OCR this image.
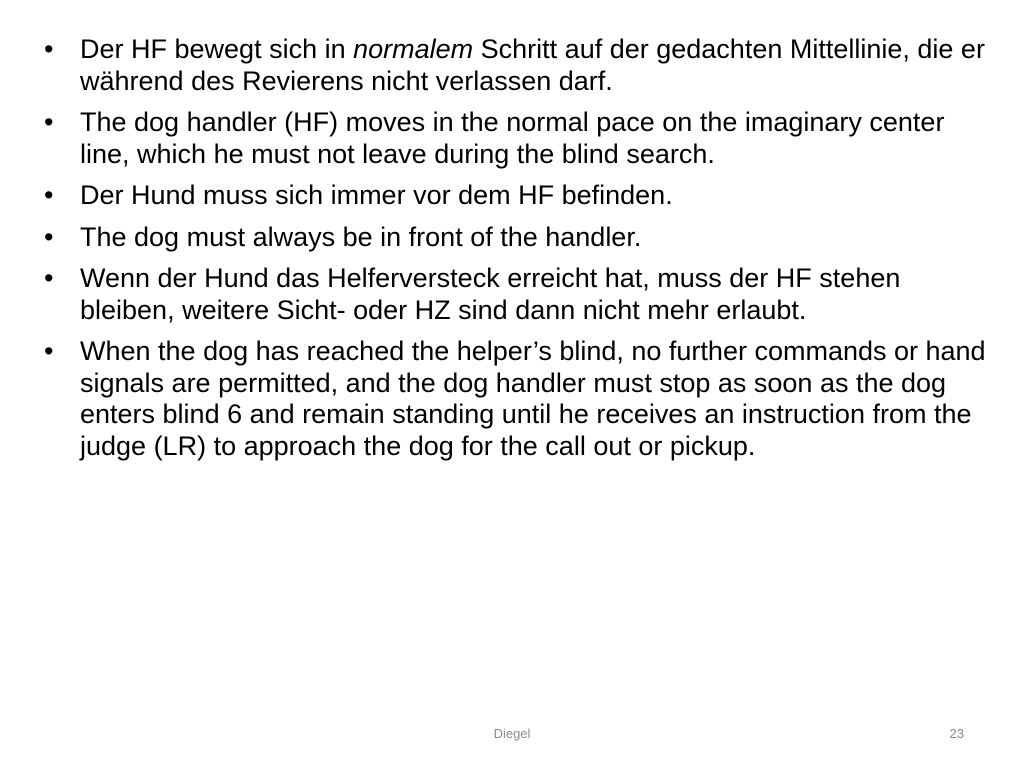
• Der HF bewegt sich in normalem Schritt auf der gedachten Mittellinie, die er während des Revierens nicht verlassen darf.
• The dog handler (HF) moves in the normal pace on the imaginary center line, which he must not leave during the blind search.
• Der Hund muss sich immer vor dem HF befinden.
• The dog must always be in front of the handler.
• Wenn der Hund das Helferversteck erreicht hat, muss der HF stehen bleiben, weitere Sicht- oder HZ sind dann nicht mehr erlaubt.
• When the dog has reached the helper’s blind, no further commands or hand signals are permitted, and the dog handler must stop as soon as the dog enters blind 6 and remain standing until he receives an instruction from the judge (LR) to approach the dog for the call out or pickup.
Diegel	23
